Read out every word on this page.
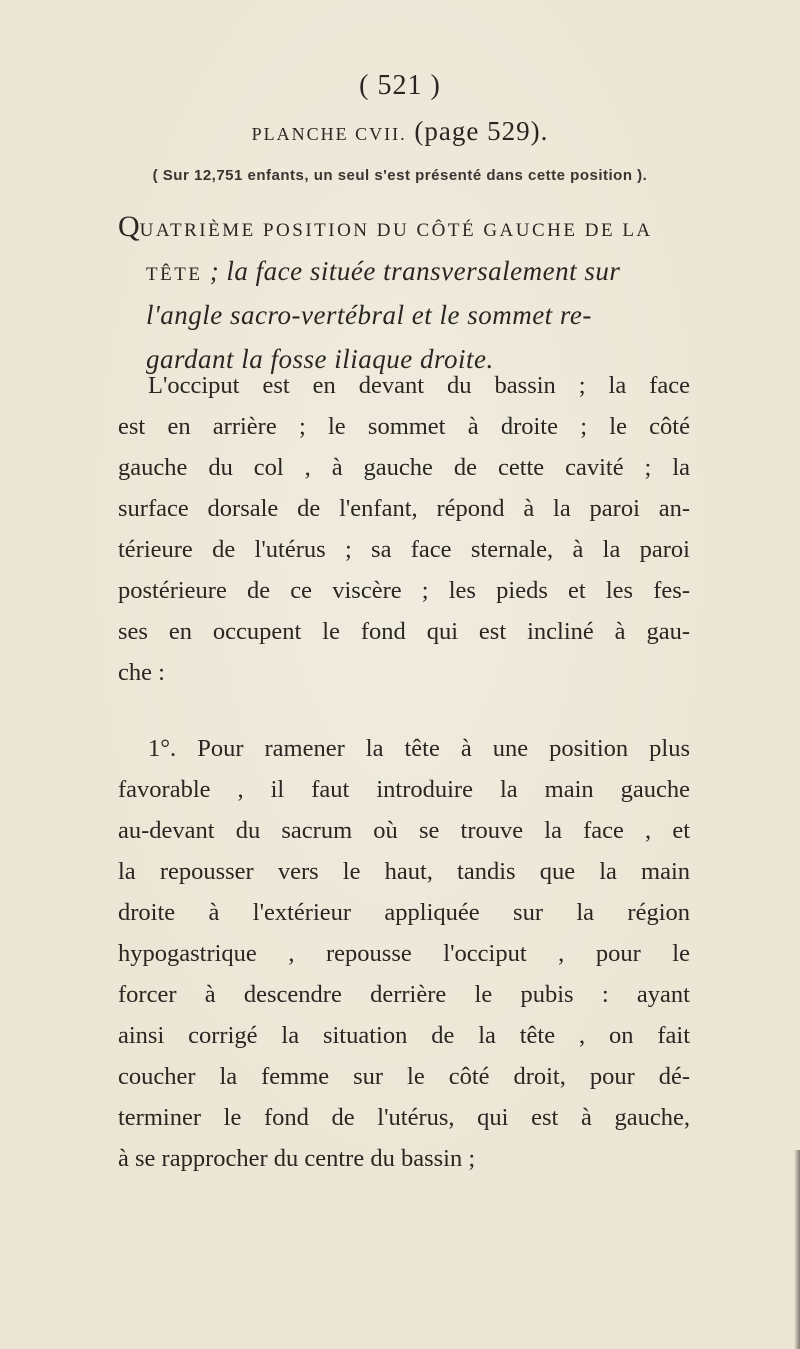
( 521 )
PLANCHE CVII. (page 529).
( Sur 12,751 enfants, un seul s'est présenté dans cette position ).
QUATRIÈME POSITION DU CÔTÉ GAUCHE DE LA
TÊTE ; la face située transversalement sur
l'angle sacro-vertébral et le sommet re-
gardant la fosse iliaque droite.
L'occiput est en devant du bassin ; la face
est en arrière ; le sommet à droite ; le côté
gauche du col , à gauche de cette cavité ; la
surface dorsale de l'enfant, répond à la paroi an-
térieure de l'utérus ; sa face sternale, à la paroi
postérieure de ce viscère ; les pieds et les fes-
ses en occupent le fond qui est incliné à gau-
che :
1°. Pour ramener la tête à une position plus
favorable , il faut introduire la main gauche
au-devant du sacrum où se trouve la face , et
la repousser vers le haut, tandis que la main
droite à l'extérieur appliquée sur la région
hypogastrique , repousse l'occiput , pour le
forcer à descendre derrière le pubis : ayant
ainsi corrigé la situation de la tête , on fait
coucher la femme sur le côté droit, pour dé-
terminer le fond de l'utérus, qui est à gauche,
à se rapprocher du centre du bassin ;
